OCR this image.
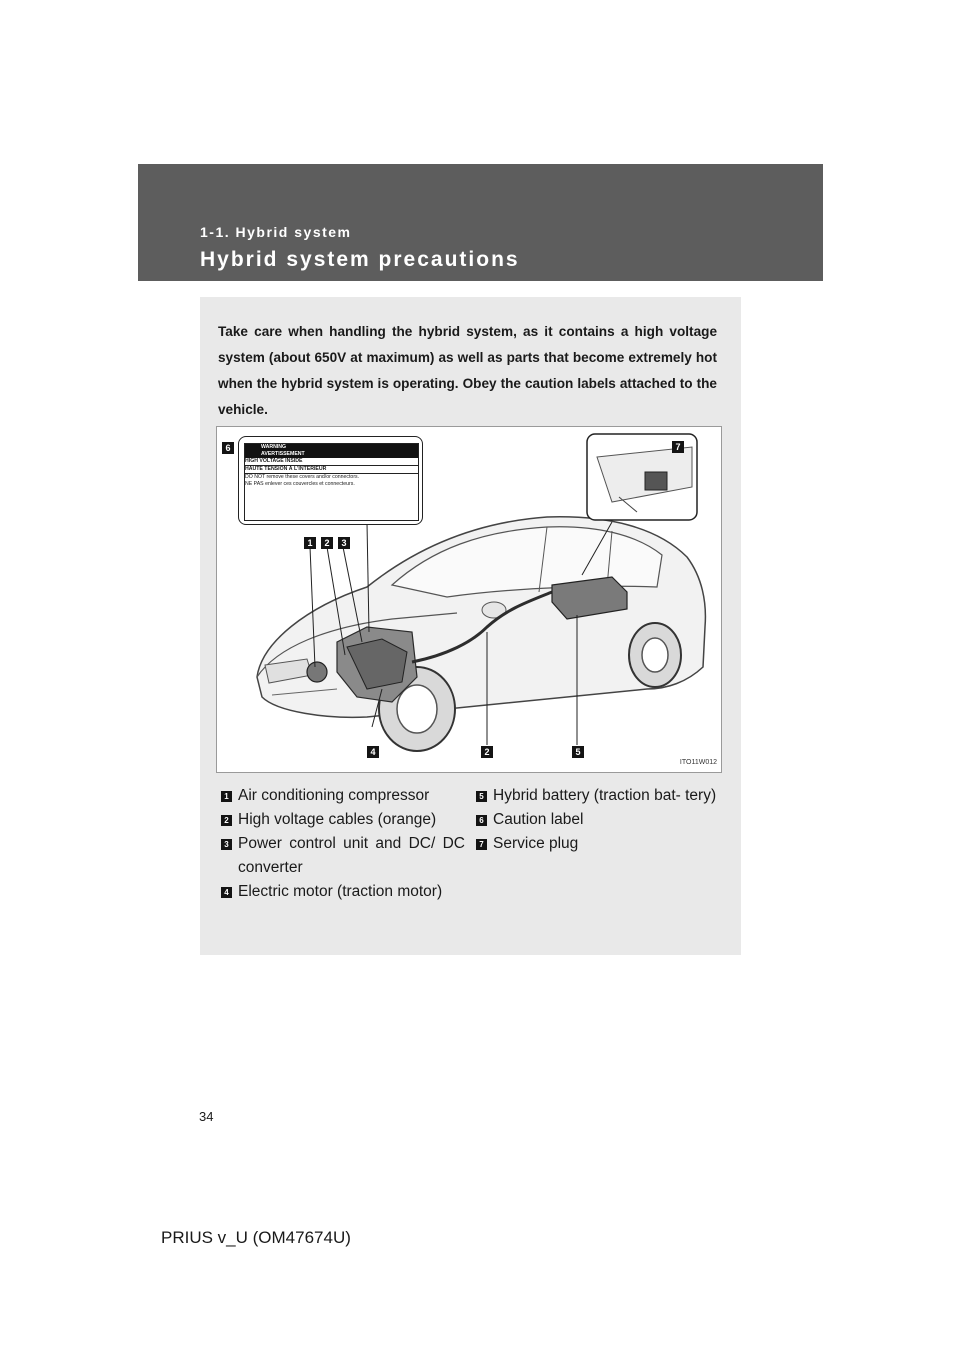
1-1. Hybrid system
Hybrid system precautions
Take care when handling the hybrid system, as it contains a high voltage system (about 650V at maximum) as well as parts that become extremely hot when the hybrid system is operating. Obey the caution labels attached to the vehicle.
WARNING
AVERTISSEMENT
HIGH VOLTAGE INSIDE
HAUTE TENSION À L'INTÉRIEUR
DO NOT remove these covers and/or connectors.
NE PAS enlever ces couvercles et connecteurs.
6	7
1	2	3
4	2	5
ITO11W012
1 Air conditioning compressor
2 High voltage cables (orange)
3 Power control unit and DC/ DC converter
4 Electric motor (traction motor)
5 Hybrid battery (traction bat- tery)
6 Caution label
7 Service plug
34
PRIUS v_U (OM47674U)
